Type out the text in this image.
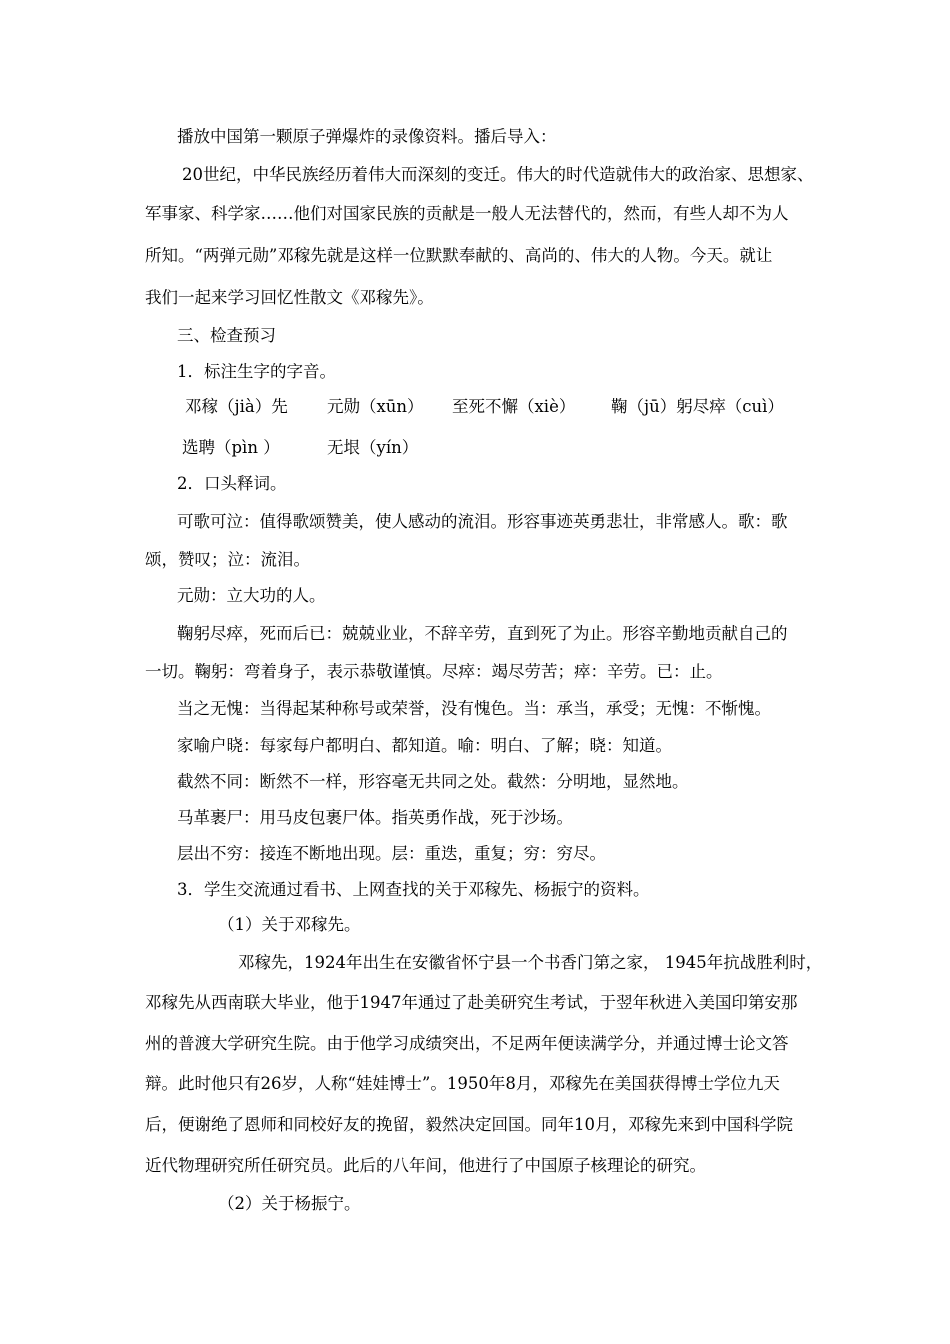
播放中国第一颗原子弹爆炸的录像资料。播后导入：
20世纪，中华民族经历着伟大而深刻的变迁。伟大的时代造就伟大的政治家、思想家、
军事家、科学家……他们对国家民族的贡献是一般人无法替代的，然而，有些人却不为人
所知。“两弹元勋”邓稼先就是这样一位默默奉献的、高尚的、伟大的人物。今天。就让
我们一起来学习回忆性散文《邓稼先》。
三、检查预习
1．标注生字的字音。
邓稼（jià）先 元勋（xūn） 至死不懈（xiè） 鞠（jū）躬尽瘁（cuì）
选聘（pìn ）	无垠（yín）
2．口头释词。
可歌可泣：值得歌颂赞美，使人感动的流泪。形容事迹英勇悲壮，非常感人。歌：歌
颂，赞叹；泣：流泪。
元勋：立大功的人。
鞠躬尽瘁，死而后已：兢兢业业，不辞辛劳，直到死了为止。形容辛勤地贡献自己的
一切。鞠躬：弯着身子，表示恭敬谨慎。尽瘁：竭尽劳苦；瘁：辛劳。已：止。
当之无愧：当得起某种称号或荣誉，没有愧色。当：承当，承受；无愧：不惭愧。
家喻户晓：每家每户都明白、都知道。喻：明白、了解；晓：知道。
截然不同：断然不一样，形容毫无共同之处。截然：分明地，显然地。
马革裹尸：用马皮包裹尸体。指英勇作战，死于沙场。
层出不穷：接连不断地出现。层：重迭，重复；穷：穷尽。
3．学生交流通过看书、上网查找的关于邓稼先、杨振宁的资料。
（1）关于邓稼先。
邓稼先，1924年出生在安徽省怀宁县一个书香门第之家， 1945年抗战胜利时，
邓稼先从西南联大毕业，他于1947年通过了赴美研究生考试，于翌年秋进入美国印第安那
州的普渡大学研究生院。由于他学习成绩突出，不足两年便读满学分，并通过博士论文答
辩。此时他只有26岁，人称“娃娃博士”。1950年8月，邓稼先在美国获得博士学位九天
后，便谢绝了恩师和同校好友的挽留，毅然决定回国。同年10月，邓稼先来到中国科学院
近代物理研究所任研究员。此后的八年间，他进行了中国原子核理论的研究。
（2）关于杨振宁。
